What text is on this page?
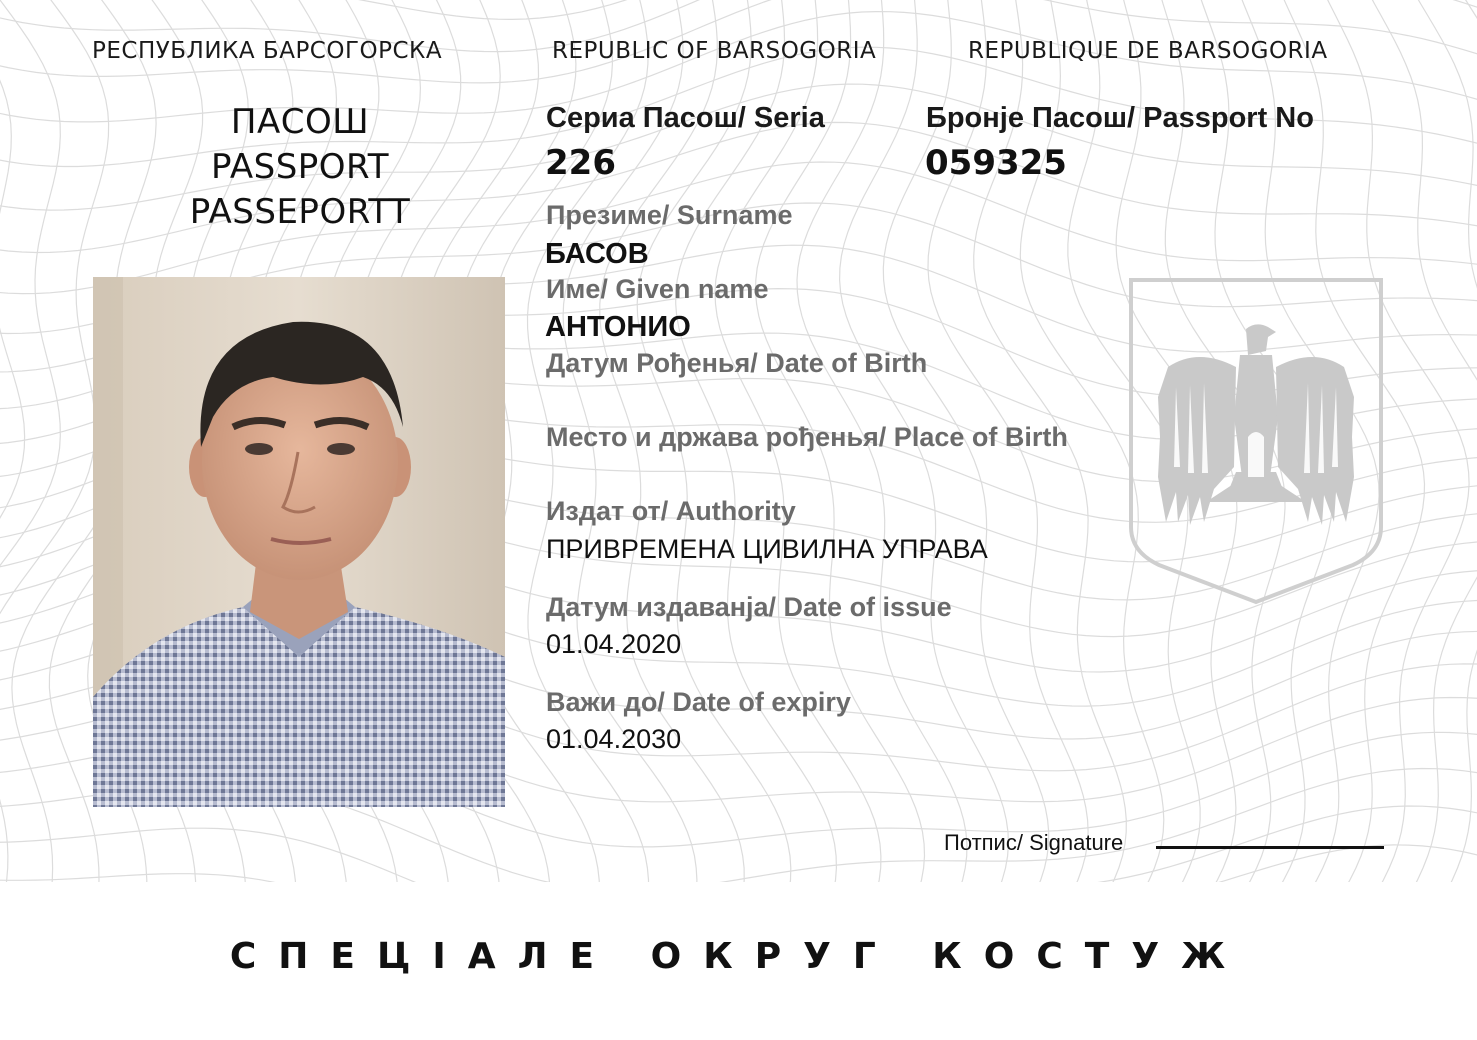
РЕСПУБЛИКА БАРСОГОРСКА	REPUBLIC OF BARSOGORIA	REPUBLIQUE DE BARSOGORIA
ПАСОШ
PASSPORT
PASSEPORTT
Сериа Пасош/ Seria
226
Бронје Пасош/ Passport No
059325
Презиме/ Surname
БАСОВ
Име/ Given name
АНТОНИО
Датум Рођенья/ Date of Birth
Место и држава рођенья/ Place of Birth
Издат от/ Authority
ПРИВРЕМЕНА ЦИВИЛНА УПРАВА
Датум издаванја/ Date of issue
01.04.2020
Важи до/ Date of expiry
01.04.2030
Потпис/ Signature
СПЕЦІАЛЕ ОКРУГ КОСТУЖ
